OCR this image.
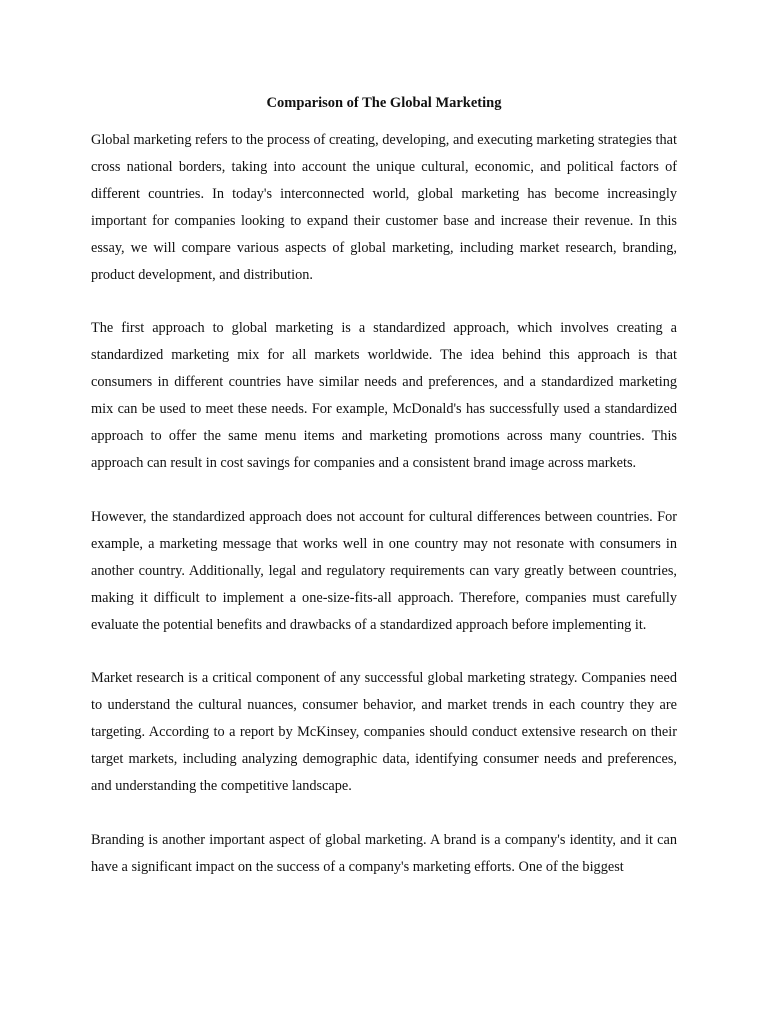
Comparison of The Global Marketing

Global marketing refers to the process of creating, developing, and executing marketing strategies that cross national borders, taking into account the unique cultural, economic, and political factors of different countries. In today's interconnected world, global marketing has become increasingly important for companies looking to expand their customer base and increase their revenue. In this essay, we will compare various aspects of global marketing, including market research, branding, product development, and distribution.

The first approach to global marketing is a standardized approach, which involves creating a standardized marketing mix for all markets worldwide. The idea behind this approach is that consumers in different countries have similar needs and preferences, and a standardized marketing mix can be used to meet these needs. For example, McDonald's has successfully used a standardized approach to offer the same menu items and marketing promotions across many countries. This approach can result in cost savings for companies and a consistent brand image across markets.

However, the standardized approach does not account for cultural differences between countries. For example, a marketing message that works well in one country may not resonate with consumers in another country. Additionally, legal and regulatory requirements can vary greatly between countries, making it difficult to implement a one-size-fits-all approach. Therefore, companies must carefully evaluate the potential benefits and drawbacks of a standardized approach before implementing it.

Market research is a critical component of any successful global marketing strategy. Companies need to understand the cultural nuances, consumer behavior, and market trends in each country they are targeting. According to a report by McKinsey, companies should conduct extensive research on their target markets, including analyzing demographic data, identifying consumer needs and preferences, and understanding the competitive landscape.

Branding is another important aspect of global marketing. A brand is a company's identity, and it can have a significant impact on the success of a company's marketing efforts. One of the biggest
